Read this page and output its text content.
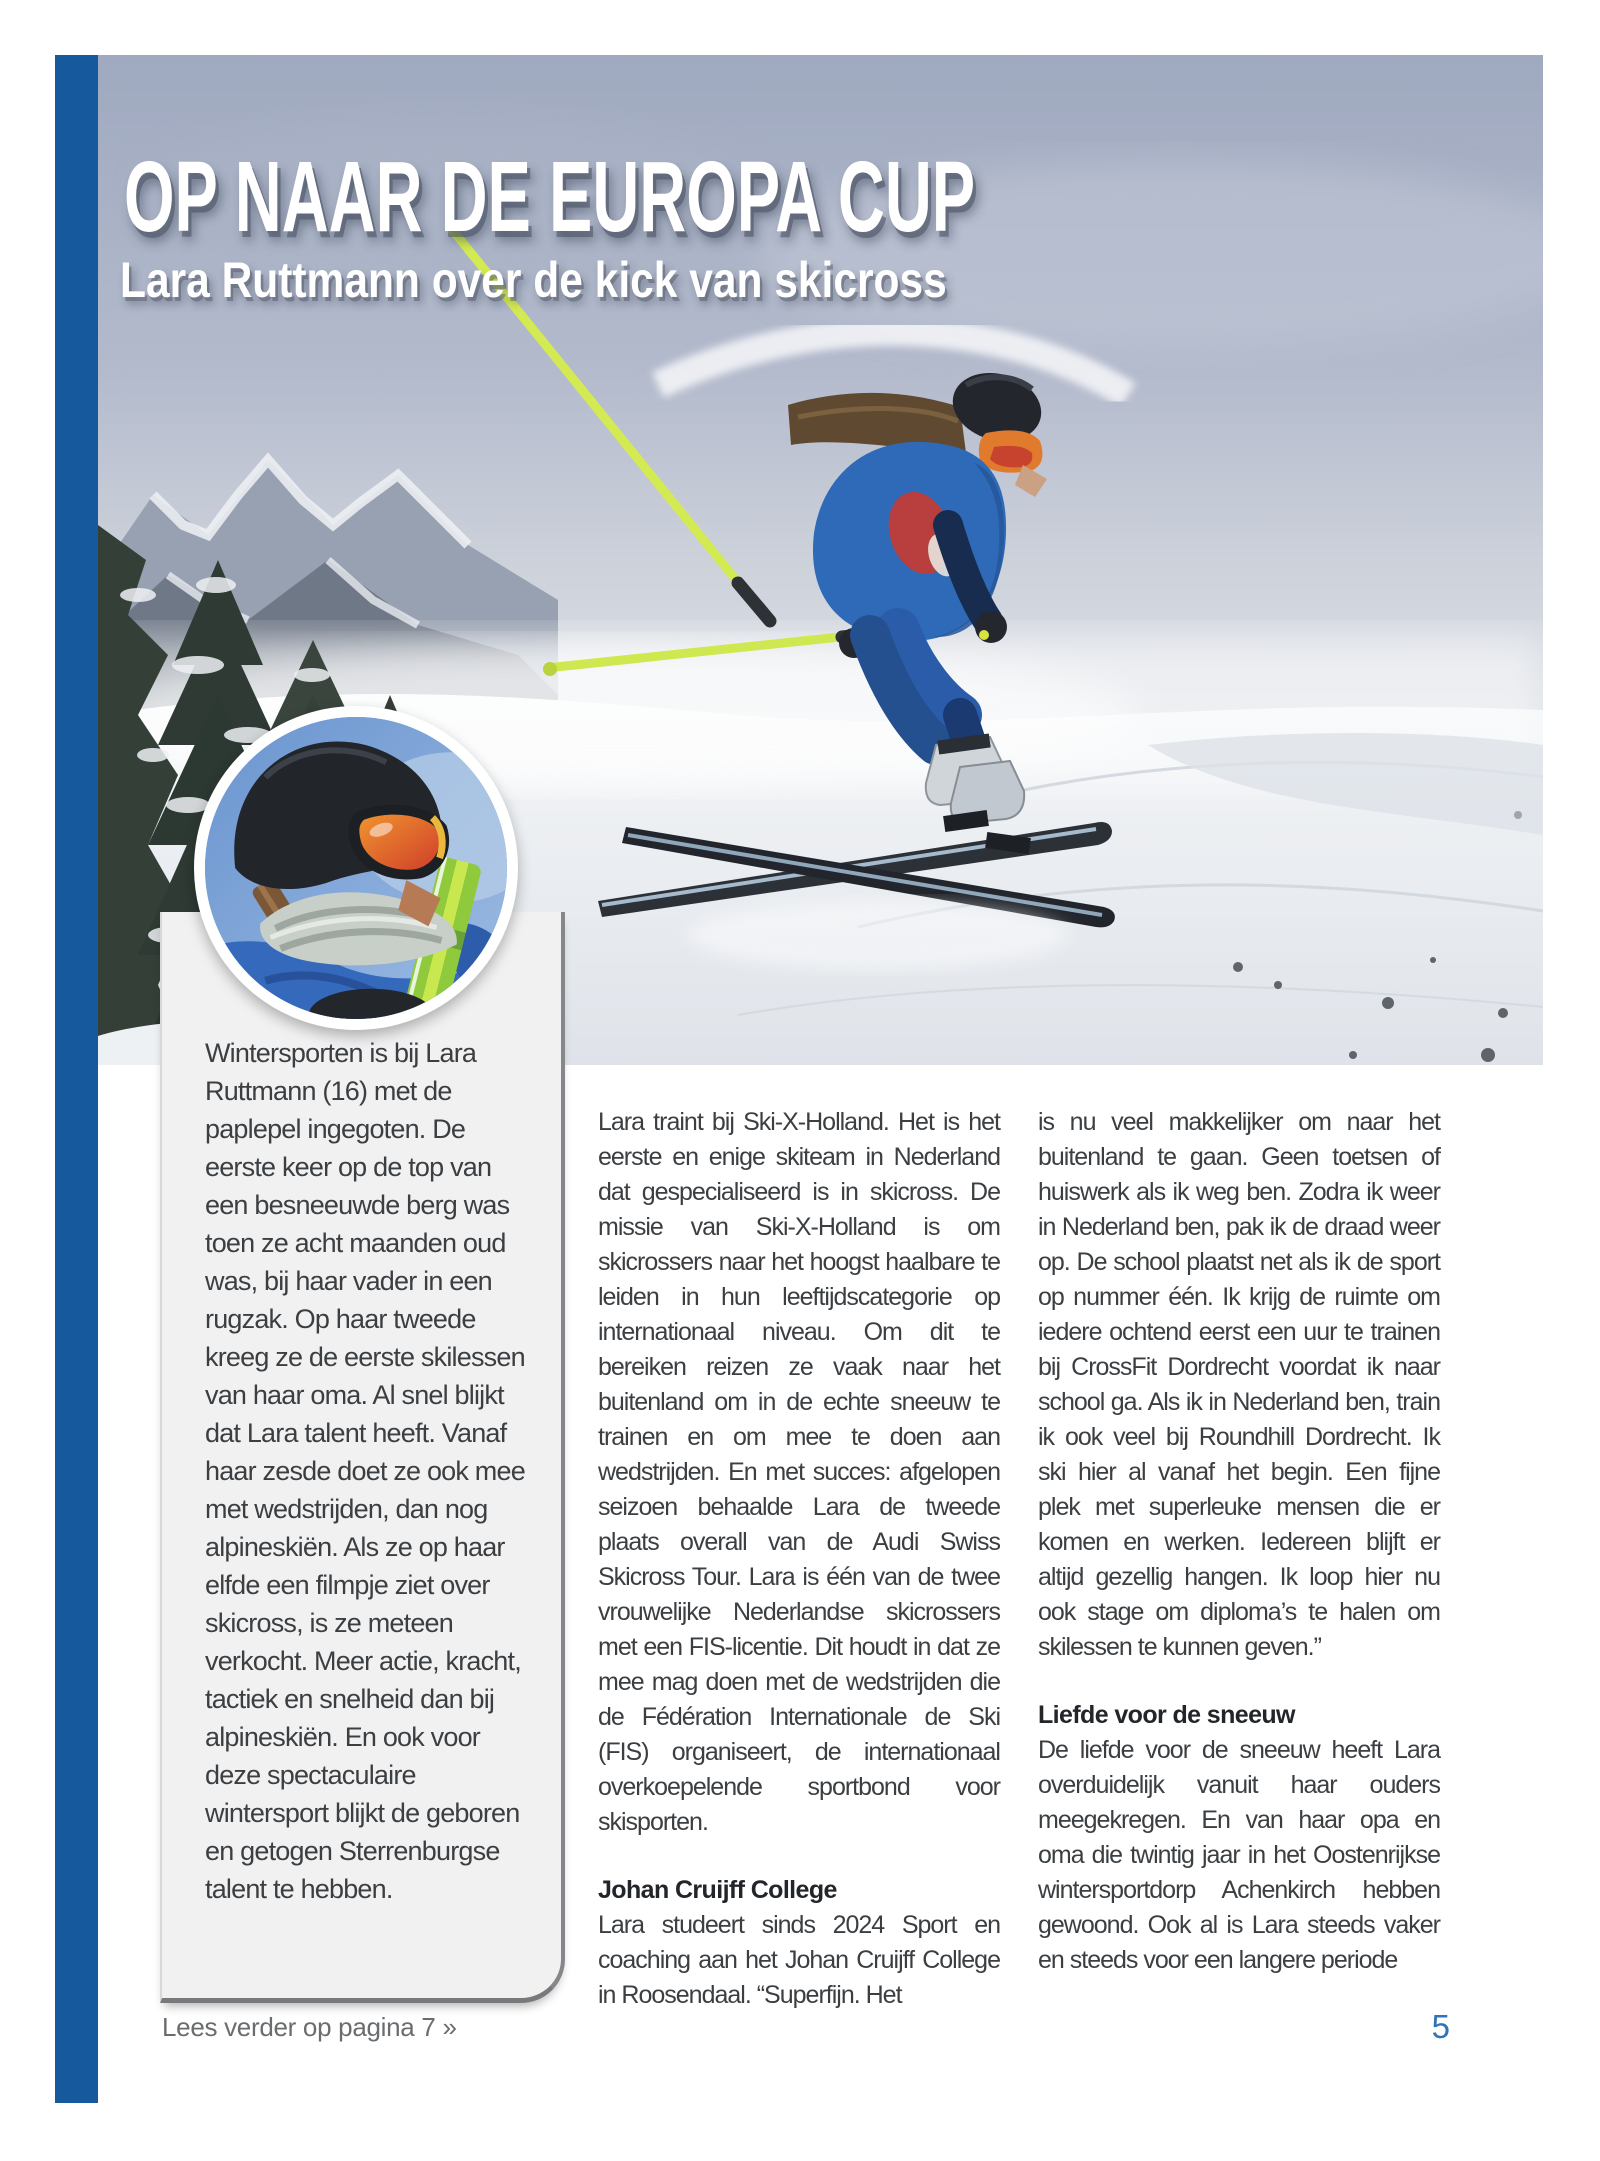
OP NAAR DE EUROPA CUP
Lara Ruttmann over de kick van skicross

Wintersporten is bij Lara Ruttmann (16) met de paplepel ingegoten. De eerste keer op de top van een besneeuwde berg was toen ze acht maanden oud was, bij haar vader in een rugzak. Op haar tweede kreeg ze de eerste skilessen van haar oma. Al snel blijkt dat Lara talent heeft. Vanaf haar zesde doet ze ook mee met wedstrijden, dan nog alpineskiën. Als ze op haar elfde een filmpje ziet over skicross, is ze meteen verkocht. Meer actie, kracht, tactiek en snelheid dan bij alpineskiën. En ook voor deze spectaculaire wintersport blijkt de geboren en getogen Sterrenburgse talent te hebben.

Lara traint bij Ski-X-Holland. Het is het eerste en enige skiteam in Nederland dat gespecialiseerd is in skicross. De missie van Ski-X-Holland is om skicrossers naar het hoogst haalbare te leiden in hun leeftijdscategorie op internationaal niveau. Om dit te bereiken reizen ze vaak naar het buitenland om in de echte sneeuw te trainen en om mee te doen aan wedstrijden. En met succes: afgelopen seizoen behaalde Lara de tweede plaats overall van de Audi Swiss Skicross Tour. Lara is één van de twee vrouwelijke Nederlandse skicrossers met een FIS-licentie. Dit houdt in dat ze mee mag doen met de wedstrijden die de Fédération Internationale de Ski (FIS) organiseert, de internationaal overkoepelende sportbond voor skisporten.

Johan Cruijff College

Lara studeert sinds 2024 Sport en coaching aan het Johan Cruijff College in Roosendaal. “Superfijn. Het

is nu veel makkelijker om naar het buitenland te gaan. Geen toetsen of huiswerk als ik weg ben. Zodra ik weer in Nederland ben, pak ik de draad weer op. De school plaatst net als ik de sport op nummer één. Ik krijg de ruimte om iedere ochtend eerst een uur te trainen bij CrossFit Dordrecht voordat ik naar school ga. Als ik in Nederland ben, train ik ook veel bij Roundhill Dordrecht. Ik ski hier al vanaf het begin. Een fijne plek met superleuke mensen die er komen en werken. Iedereen blijft er altijd gezellig hangen. Ik loop hier nu ook stage om diploma’s te halen om skilessen te kunnen geven.”

Liefde voor de sneeuw

De liefde voor de sneeuw heeft Lara overduidelijk vanuit haar ouders meegekregen. En van haar opa en oma die twintig jaar in het Oostenrijkse wintersportdorp Achenkirch hebben gewoond. Ook al is Lara steeds vaker en steeds voor een langere periode

Lees verder op pagina 7 »	5
